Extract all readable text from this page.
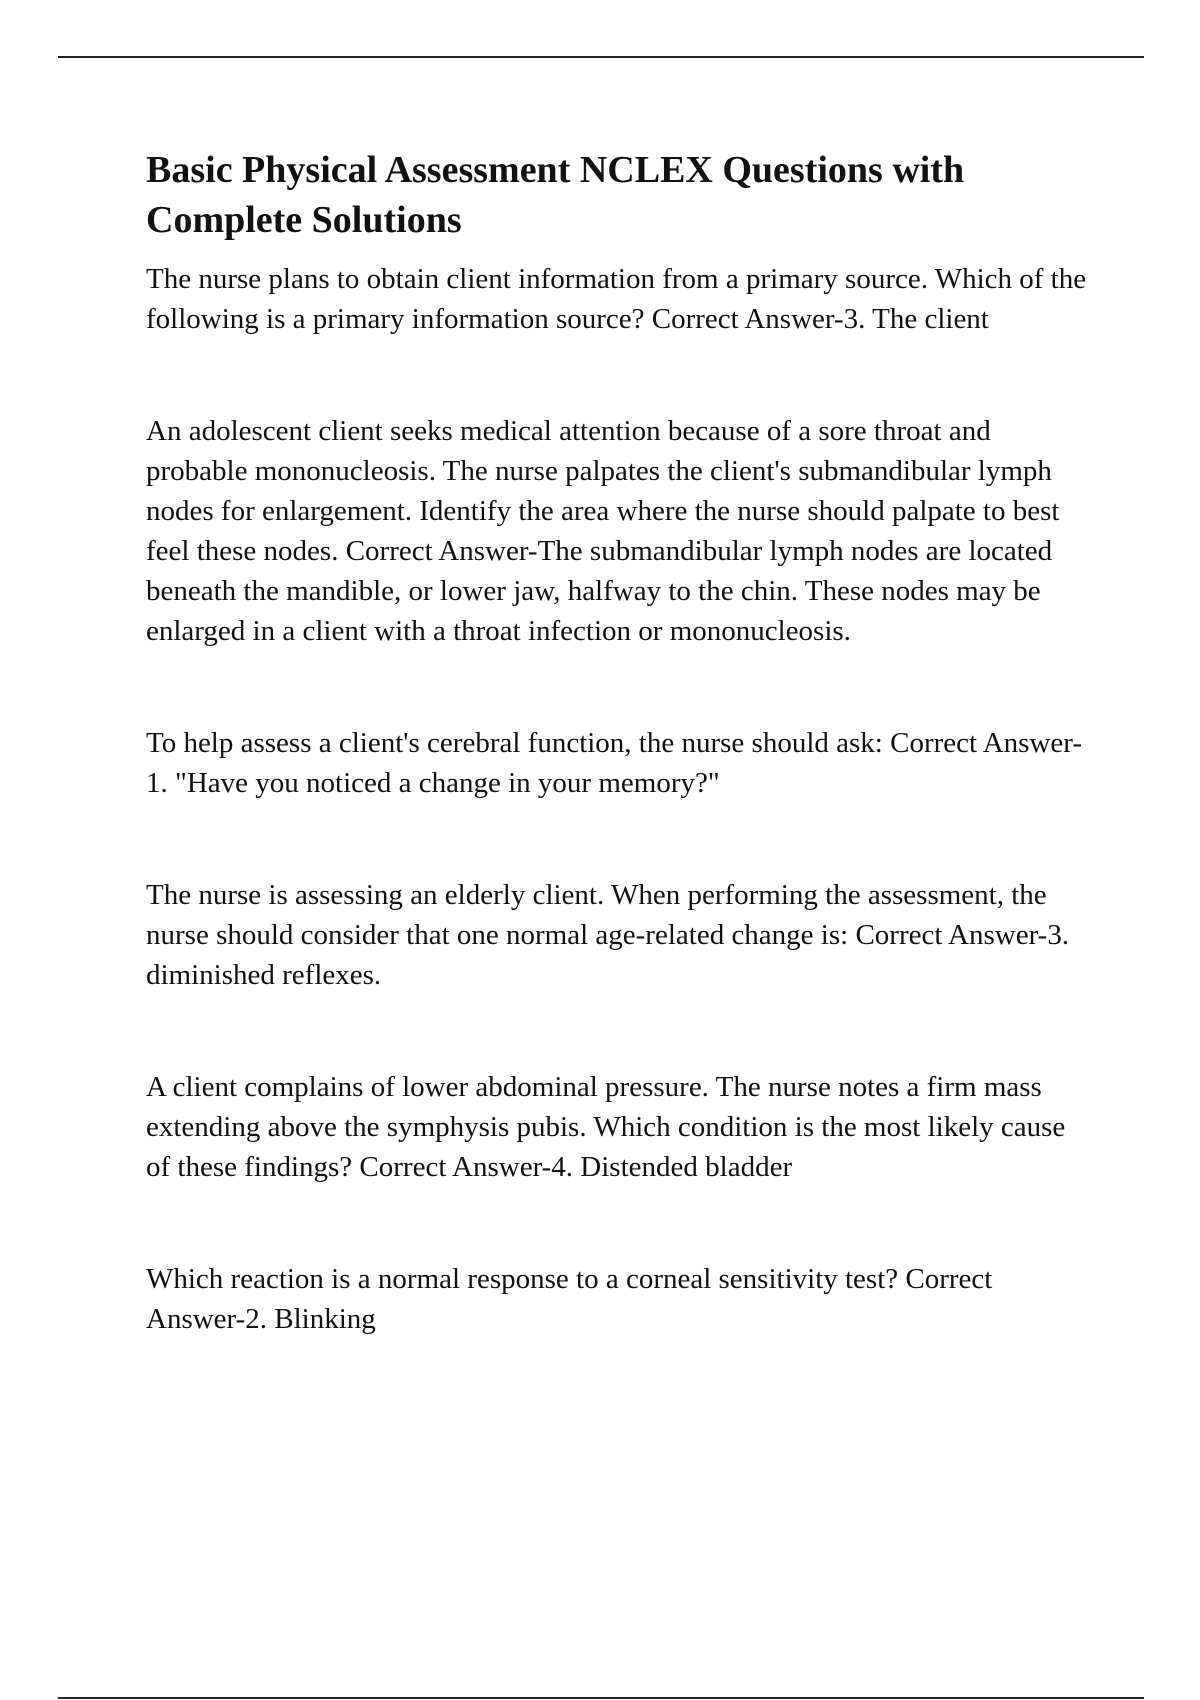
Basic Physical Assessment NCLEX Questions with Complete Solutions

The nurse plans to obtain client information from a primary source. Which of the following is a primary information source? Correct Answer-3. The client

An adolescent client seeks medical attention because of a sore throat and probable mononucleosis. The nurse palpates the client's submandibular lymph nodes for enlargement. Identify the area where the nurse should palpate to best feel these nodes. Correct Answer-The submandibular lymph nodes are located beneath the mandible, or lower jaw, halfway to the chin. These nodes may be enlarged in a client with a throat infection or mononucleosis.

To help assess a client's cerebral function, the nurse should ask: Correct Answer-1. "Have you noticed a change in your memory?"

The nurse is assessing an elderly client. When performing the assessment, the nurse should consider that one normal age-related change is: Correct Answer-3. diminished reflexes.

A client complains of lower abdominal pressure. The nurse notes a firm mass extending above the symphysis pubis. Which condition is the most likely cause of these findings? Correct Answer-4. Distended bladder

Which reaction is a normal response to a corneal sensitivity test? Correct Answer-2. Blinking
